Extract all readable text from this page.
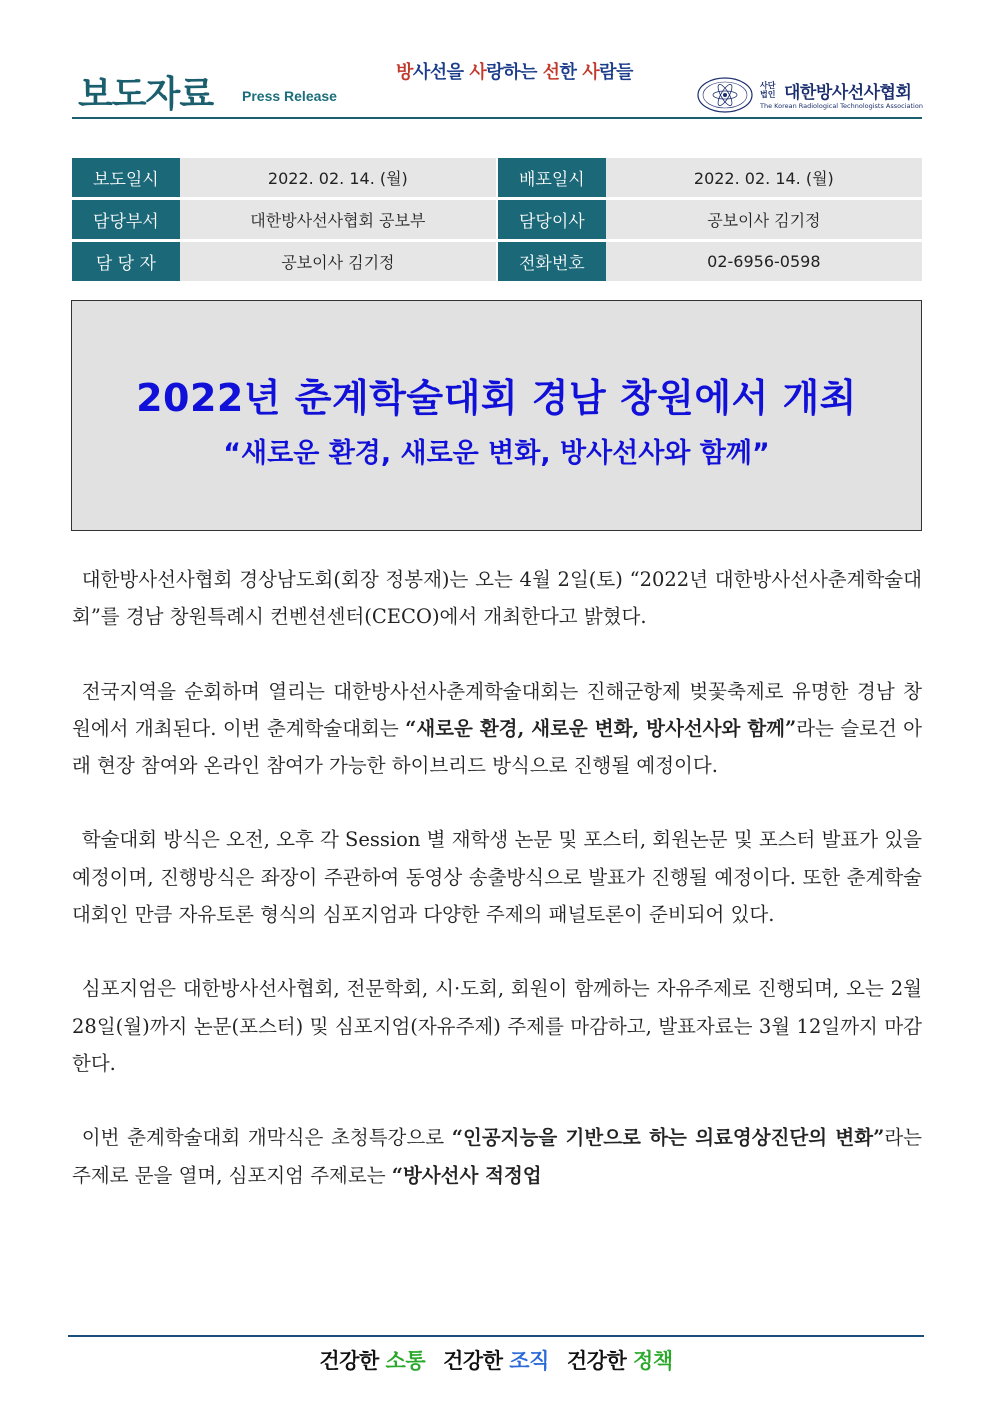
보도자료 Press Release
방사선을 사랑하는 선한 사람들
사단법인 대한방사선사협회
The Korean Radiological Technologists Association
보도일시	2022. 02. 14. (월)		배포일시	2022. 02. 14. (월)
담당부서	대한방사선사협회 공보부		담당이사	공보이사 김기정
담 당 자	공보이사 김기정		전화번호	02-6956-0598
2022년 춘계학술대회 경남 창원에서 개최
“새로운 환경, 새로운 변화, 방사선사와 함께”

대한방사선사협회 경상남도회(회장 정봉재)는 오는 4월 2일(토) “2022년 대한방사선사춘계학술대회”를 경남 창원특례시 컨벤션센터(CECO)에서 개최한다고 밝혔다.

전국지역을 순회하며 열리는 대한방사선사춘계학술대회는 진해군항제 벚꽃축제로 유명한 경남 창원에서 개최된다. 이번 춘계학술대회는 “새로운 환경, 새로운 변화, 방사선사와 함께”라는 슬로건 아래 현장 참여와 온라인 참여가 가능한 하이브리드 방식으로 진행될 예정이다.

학술대회 방식은 오전, 오후 각 Session 별 재학생 논문 및 포스터, 회원논문 및 포스터 발표가 있을 예정이며, 진행방식은 좌장이 주관하여 동영상 송출방식으로 발표가 진행될 예정이다. 또한 춘계학술대회인 만큼 자유토론 형식의 심포지엄과 다양한 주제의 패널토론이 준비되어 있다.

심포지엄은 대한방사선사협회, 전문학회, 시·도회, 회원이 함께하는 자유주제로 진행되며, 오는 2월 28일(월)까지 논문(포스터) 및 심포지엄(자유주제) 주제를 마감하고, 발표자료는 3월 12일까지 마감한다.

이번 춘계학술대회 개막식은 초청특강으로 “인공지능을 기반으로 하는 의료영상진단의 변화”라는 주제로 문을 열며, 심포지엄 주제로는 “방사선사 적정업

건강한 소통 건강한 조직 건강한 정책
